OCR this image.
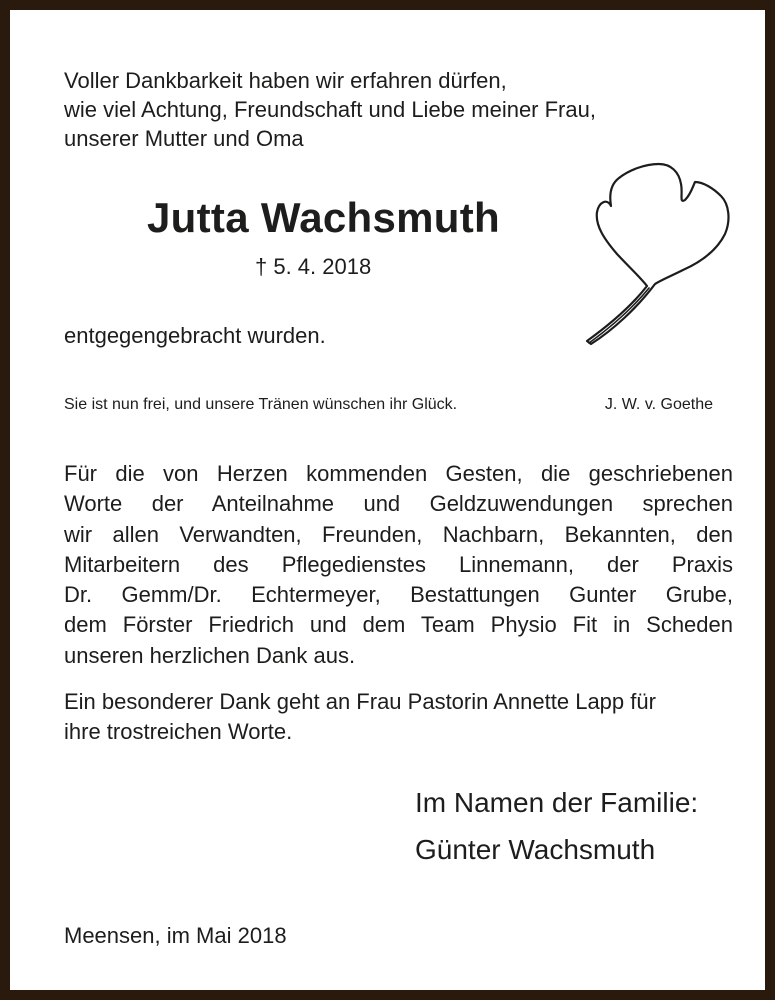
Voller Dankbarkeit haben wir erfahren dürfen,
wie viel Achtung, Freundschaft und Liebe meiner Frau,
unserer Mutter und Oma
Jutta Wachsmuth
† 5. 4. 2018
entgegengebracht wurden.
Sie ist nun frei, und unsere Tränen wünschen ihr Glück.	J. W. v. Goethe
Für die von Herzen kommenden Gesten, die geschriebenen
Worte der Anteilnahme und Geldzuwendungen sprechen
wir allen Verwandten, Freunden, Nachbarn, Bekannten, den
Mitarbeitern des Pflegedienstes Linnemann, der Praxis
Dr. Gemm/Dr. Echtermeyer, Bestattungen Gunter Grube,
dem Förster Friedrich und dem Team Physio Fit in Scheden
unseren herzlichen Dank aus.
Ein besonderer Dank geht an Frau Pastorin Annette Lapp für
ihre trostreichen Worte.
Im Namen der Familie:
Günter Wachsmuth
Meensen, im Mai 2018
